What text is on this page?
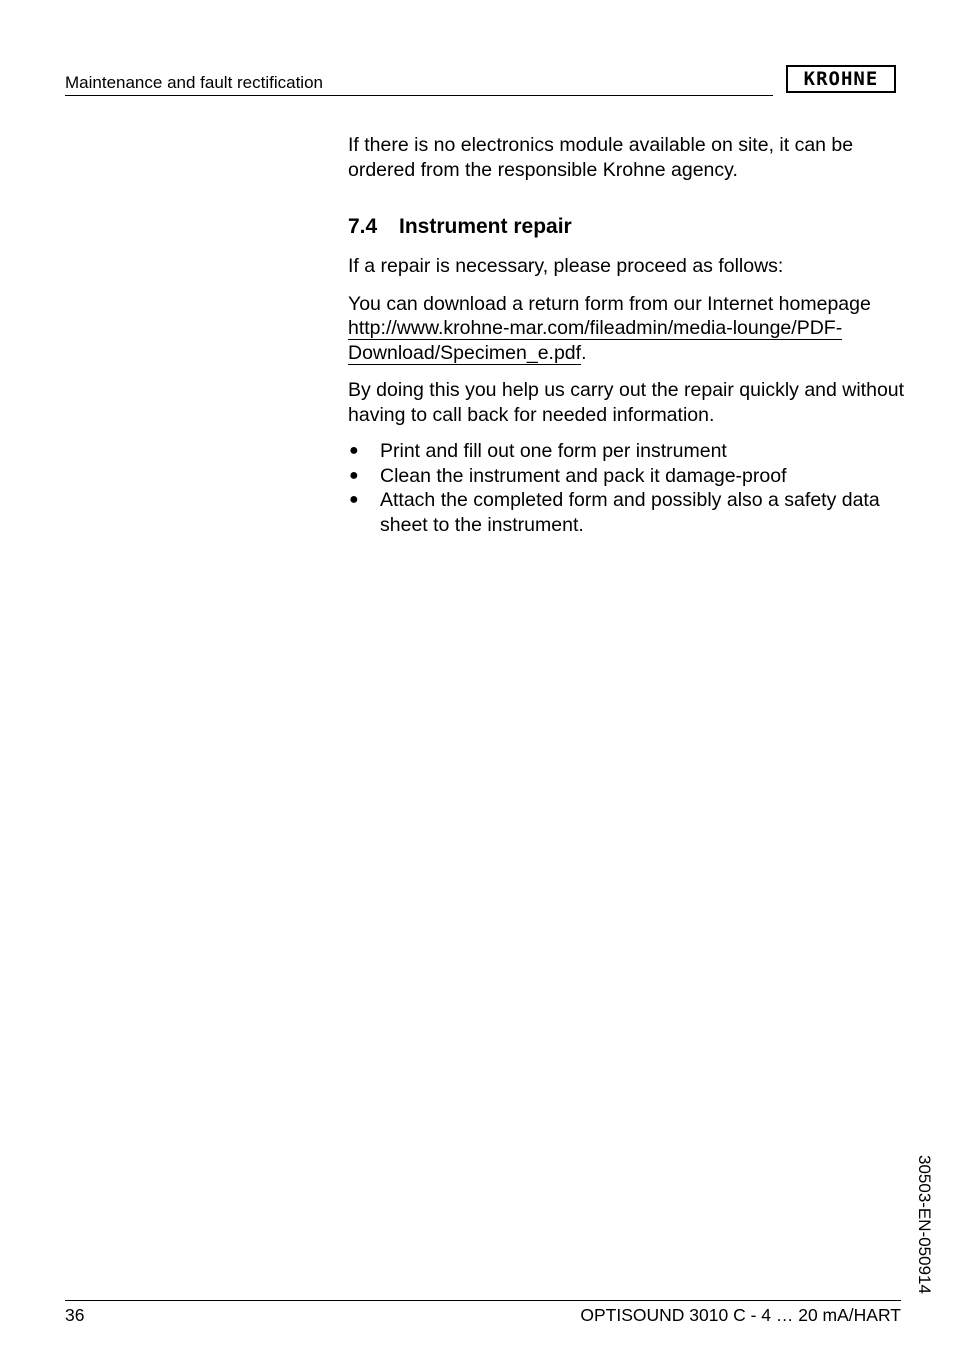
Maintenance and fault rectification	KROHNE

If there is no electronics module available on site, it can be ordered from the responsible Krohne agency.

7.4 Instrument repair

If a repair is necessary, please proceed as follows:

You can download a return form from our Internet homepage
http://www.krohne-mar.com/fileadmin/media-lounge/PDF-
Download/Specimen_e.pdf.

By doing this you help us carry out the repair quickly and without having to call back for needed information.

● Print and fill out one form per instrument
● Clean the instrument and pack it damage-proof
● Attach the completed form and possibly also a safety data sheet to the instrument.
30503-EN-050914
36	OPTISOUND 3010 C - 4 … 20 mA/HART
